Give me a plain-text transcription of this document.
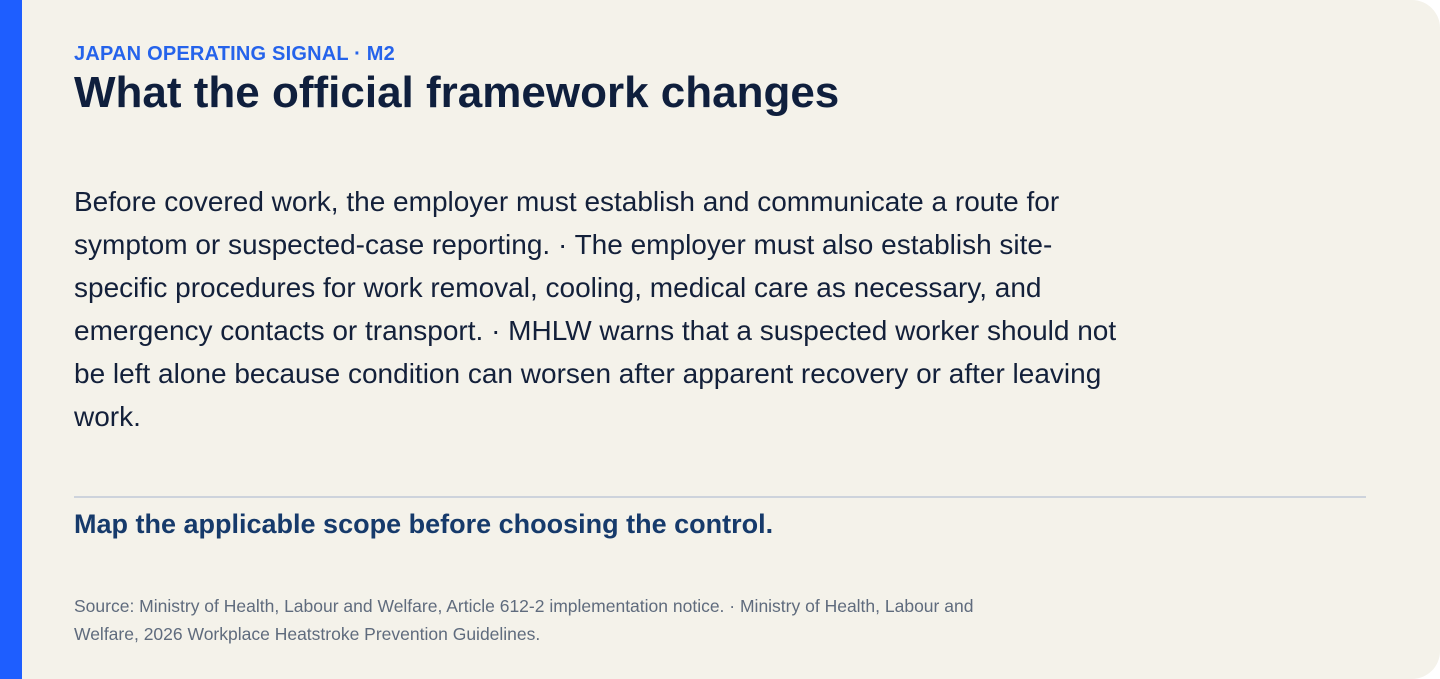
JAPAN OPERATING SIGNAL · M2
What the official framework changes

Before covered work, the employer must establish and communicate a route for symptom or suspected-case reporting. · The employer must also establish site-specific procedures for work removal, cooling, medical care as necessary, and emergency contacts or transport. · MHLW warns that a suspected worker should not be left alone because condition can worsen after apparent recovery or after leaving work.

Map the applicable scope before choosing the control.

Source: Ministry of Health, Labour and Welfare, Article 612-2 implementation notice. · Ministry of Health, Labour and Welfare, 2026 Workplace Heatstroke Prevention Guidelines.
